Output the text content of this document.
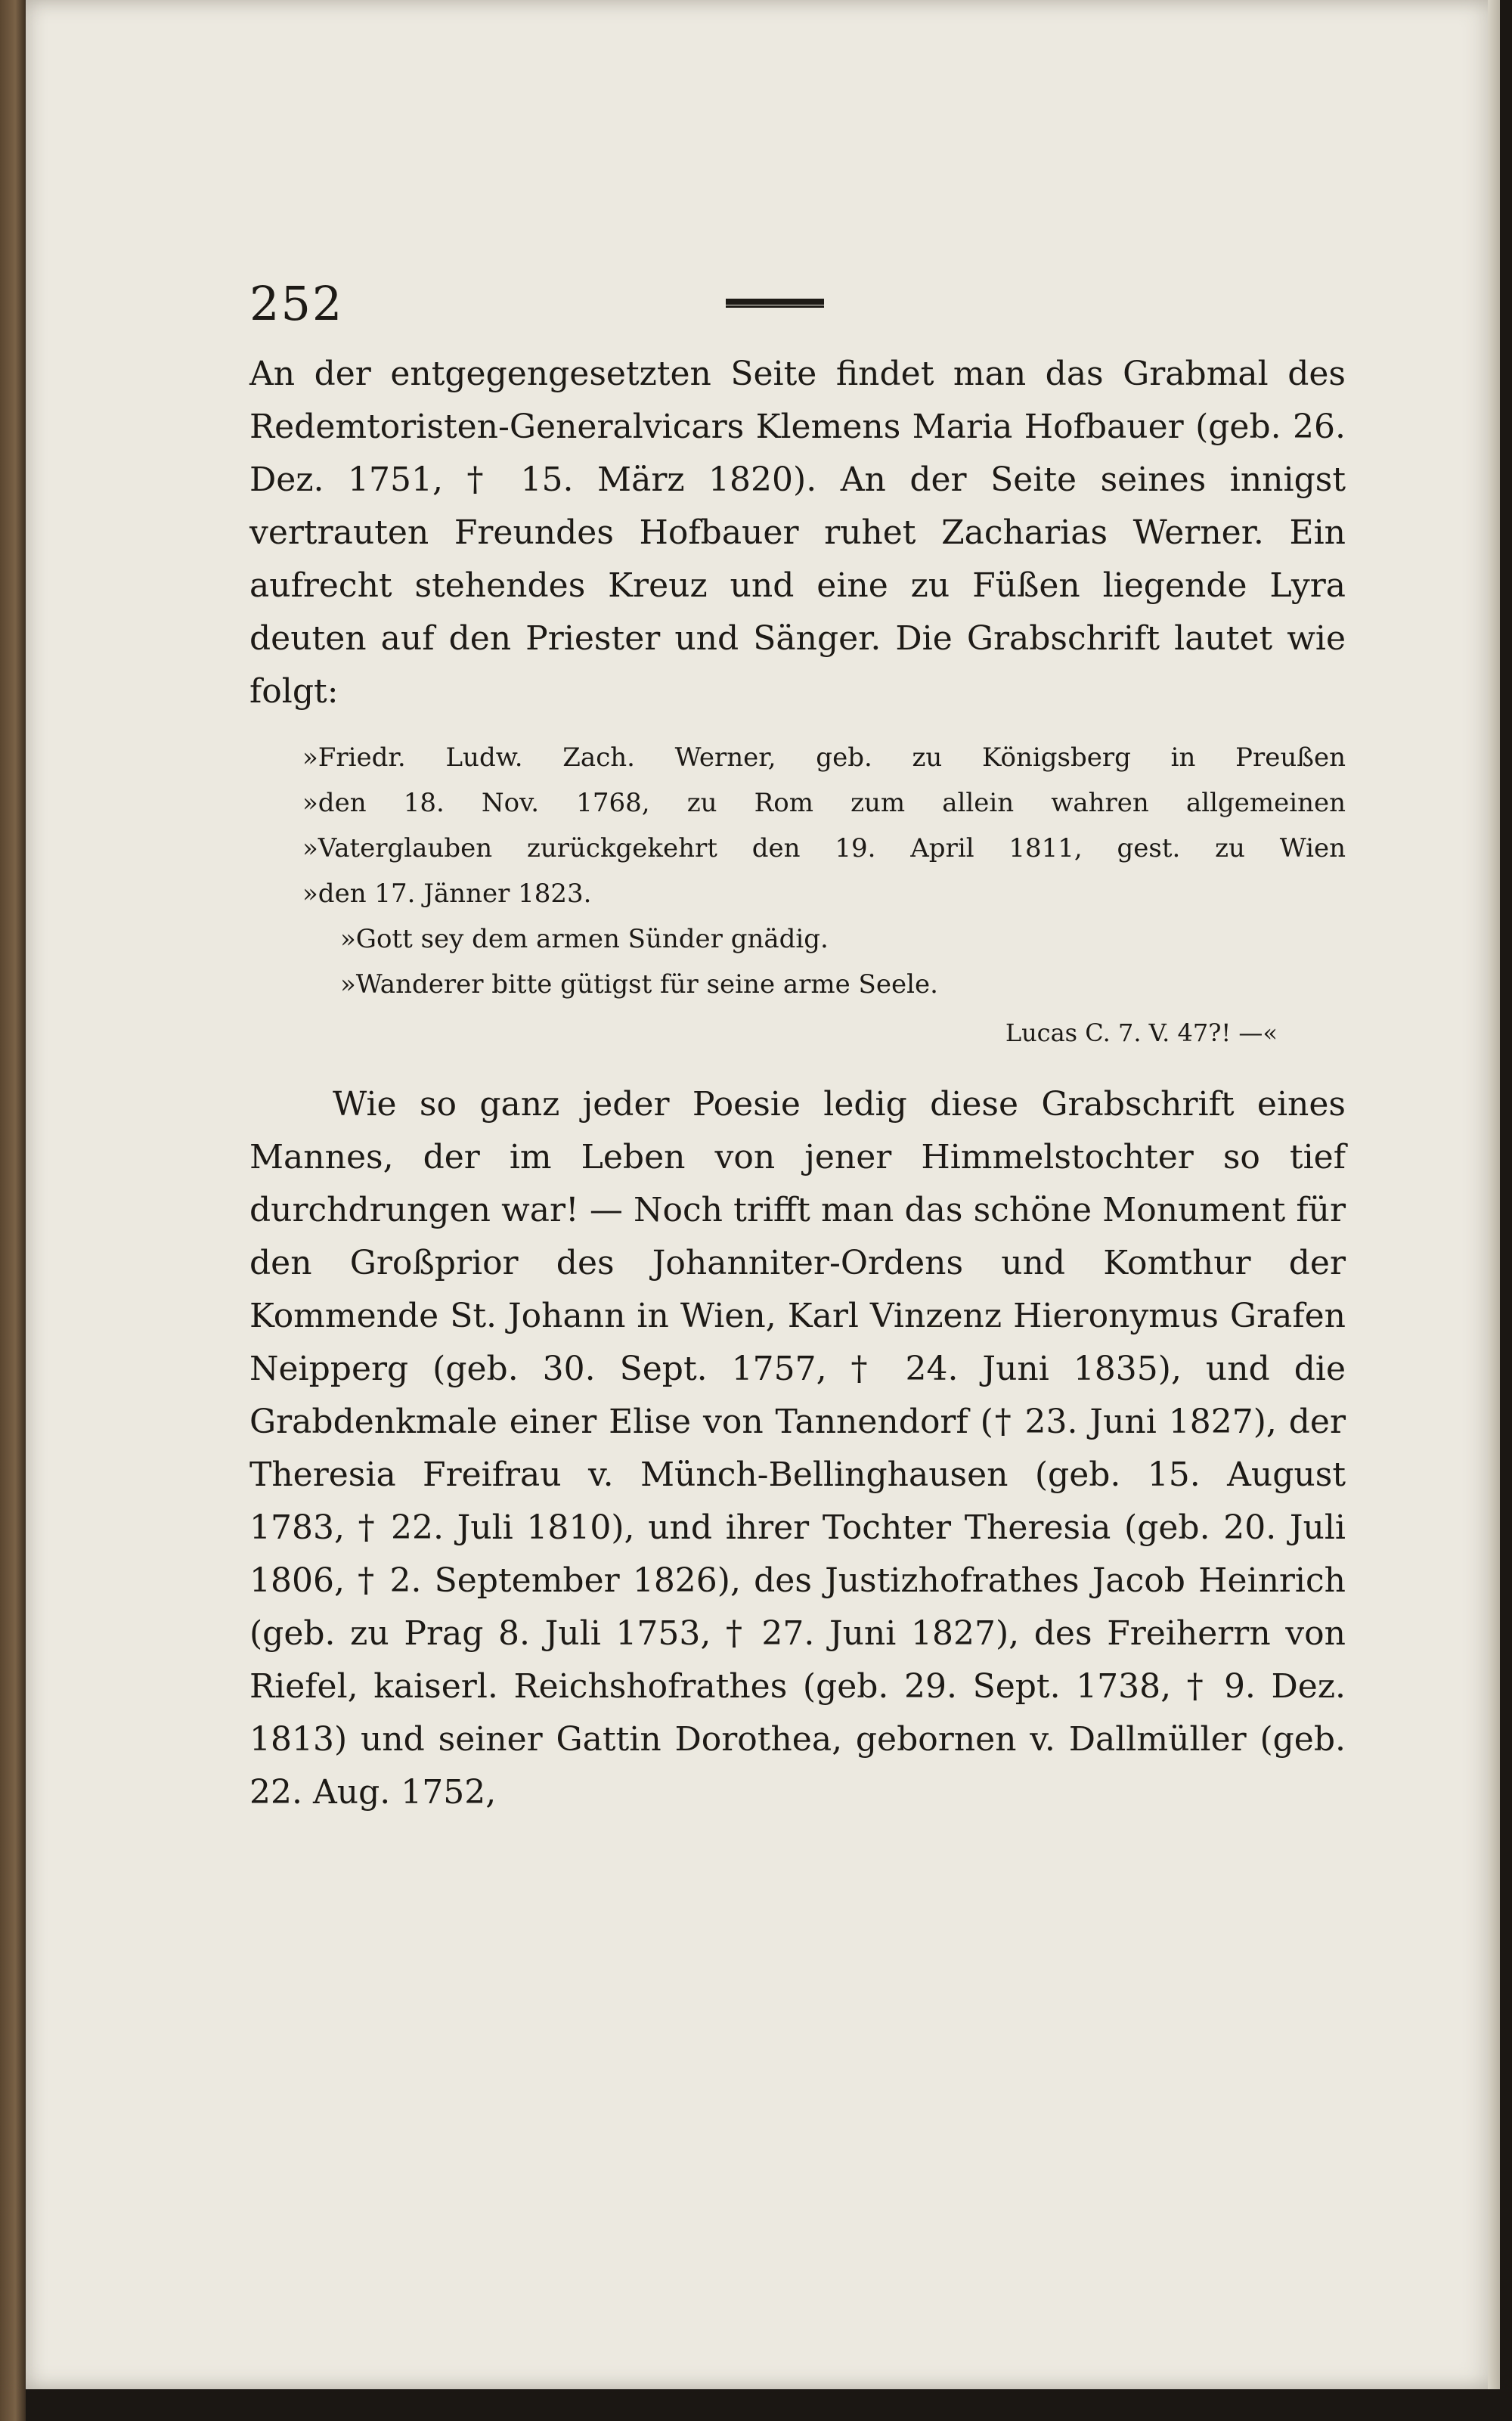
252

An der entgegengesetzten Seite findet man das Grabmal des Redemtoristen-Generalvicars Klemens Maria Hofbauer (geb. 26. Dez. 1751, † 15. März 1820). An der Seite seines innigst vertrauten Freundes Hofbauer ruhet Zacharias Werner. Ein aufrecht stehendes Kreuz und eine zu Füßen liegende Lyra deuten auf den Priester und Sänger. Die Grabschrift lautet wie folgt:

»Friedr. Ludw. Zach. Werner, geb. zu Königsberg in Preußen
»den 18. Nov. 1768, zu Rom zum allein wahren allgemeinen
»Vaterglauben zurückgekehrt den 19. April 1811, gest. zu Wien
»den 17. Jänner 1823.
»Gott sey dem armen Sünder gnädig.
»Wanderer bitte gütigst für seine arme Seele.
Lucas C. 7. V. 47?! —«

Wie so ganz jeder Poesie ledig diese Grabschrift eines Mannes, der im Leben von jener Himmelstochter so tief durchdrungen war! — Noch trifft man das schöne Monument für den Großprior des Johanniter-Ordens und Komthur der Kommende St. Johann in Wien, Karl Vinzenz Hieronymus Grafen Neipperg (geb. 30. Sept. 1757, † 24. Juni 1835), und die Grabdenkmale einer Elise von Tannendorf († 23. Juni 1827), der Theresia Freifrau v. Münch-Bellinghausen (geb. 15. August 1783, † 22. Juli 1810), und ihrer Tochter Theresia (geb. 20. Juli 1806, † 2. September 1826), des Justizhofrathes Jacob Heinrich (geb. zu Prag 8. Juli 1753, † 27. Juni 1827), des Freiherrn von Riefel, kaiserl. Reichshofrathes (geb. 29. Sept. 1738, † 9. Dez. 1813) und seiner Gattin Dorothea, gebornen v. Dallmüller (geb. 22. Aug. 1752,
